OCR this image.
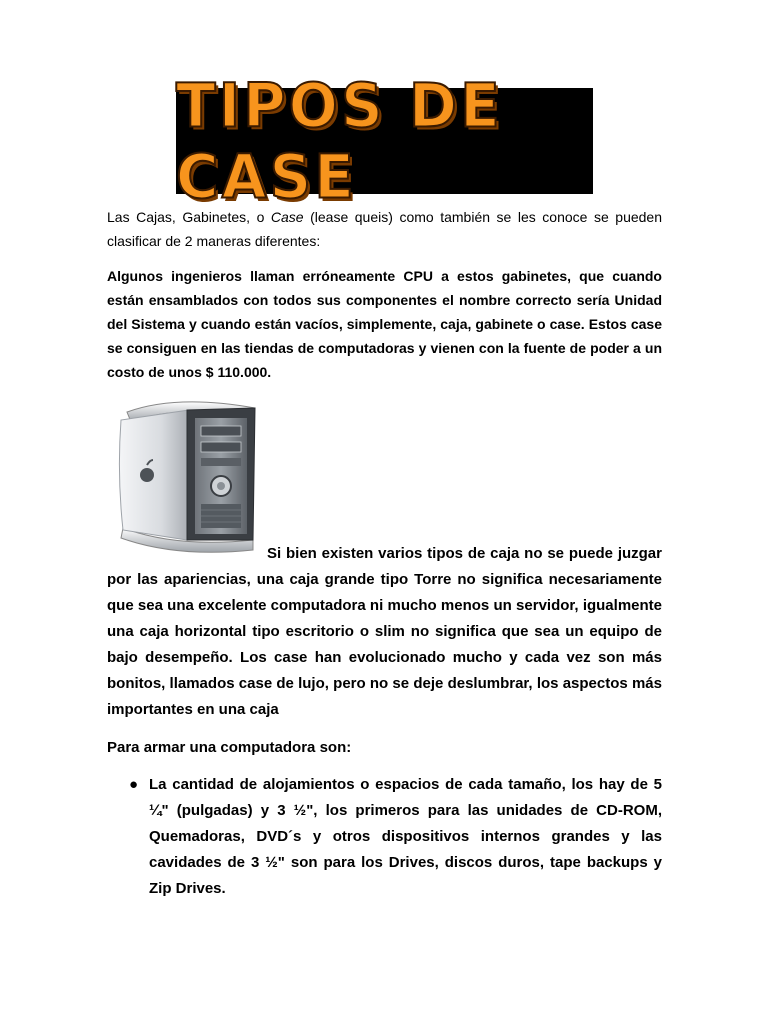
TIPOS DE CASE
Las Cajas, Gabinetes, o Case (lease queis) como también se les conoce se pueden clasificar de 2 maneras diferentes:
Algunos ingenieros llaman erróneamente CPU a estos gabinetes, que cuando están ensamblados con todos sus componentes el nombre correcto sería Unidad del Sistema y cuando están vacíos, simplemente, caja, gabinete o case. Estos case se consiguen en las tiendas de computadoras y vienen con la fuente de poder a un costo de unos $ 110.000.
Si bien existen varios tipos de caja no se puede juzgar por las apariencias, una caja grande tipo Torre no significa necesariamente que sea una excelente computadora ni mucho menos un servidor, igualmente una caja horizontal tipo escritorio o slim no significa que sea un equipo de bajo desempeño. Los case han evolucionado mucho y cada vez son más bonitos, llamados case de lujo, pero no se deje deslumbrar, los aspectos más importantes en una caja
Para armar una computadora son:
● La cantidad de alojamientos o espacios de cada tamaño, los hay de 5 ¼" (pulgadas) y 3 ½", los primeros para las unidades de CD-ROM, Quemadoras, DVD´s y otros dispositivos internos grandes y las cavidades de 3 ½" son para los Drives, discos duros, tape backups y Zip Drives.
